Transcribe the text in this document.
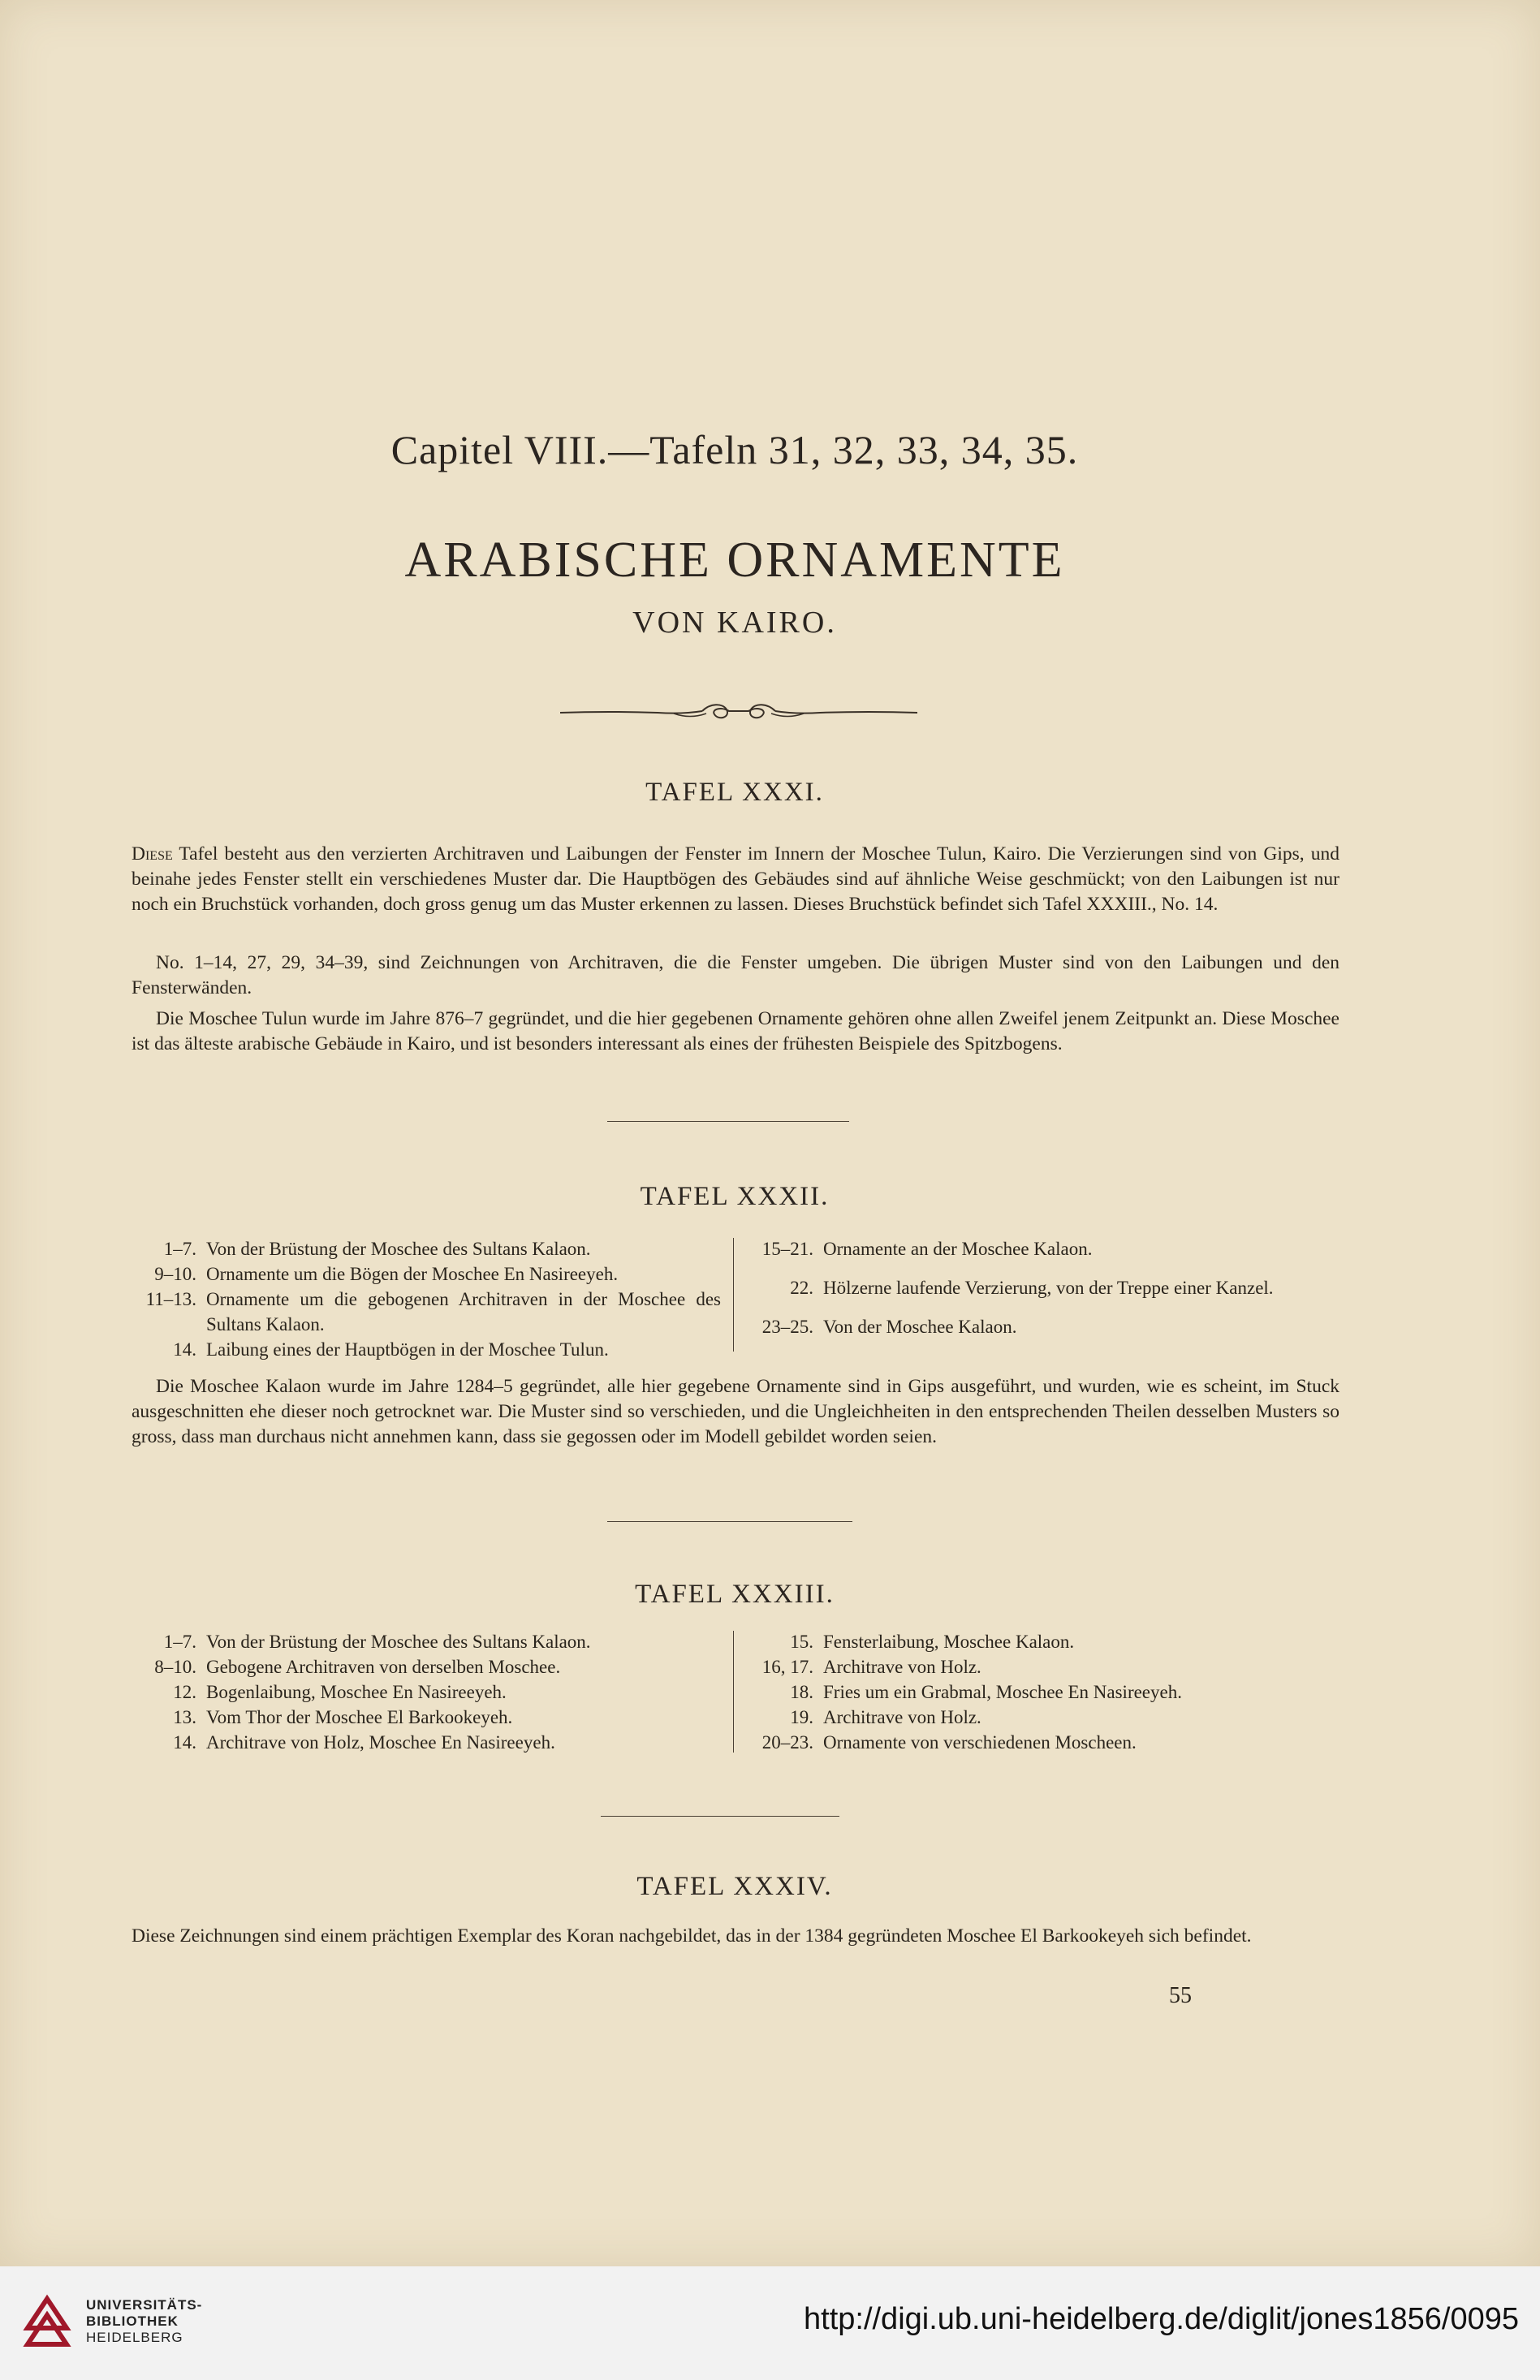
Capitel VIII.—Tafeln 31, 32, 33, 34, 35.
ARABISCHE ORNAMENTE
VON KAIRO.
TAFEL XXXI.

Diese Tafel besteht aus den verzierten Architraven und Laibungen der Fenster im Innern der Moschee Tulun, Kairo. Die Verzierungen sind von Gips, und beinahe jedes Fenster stellt ein verschiedenes Muster dar. Die Hauptbögen des Gebäudes sind auf ähnliche Weise geschmückt; von den Laibungen ist nur noch ein Bruchstück vorhanden, doch gross genug um das Muster erkennen zu lassen. Dieses Bruchstück befindet sich Tafel XXXIII., No. 14.

No. 1–14, 27, 29, 34–39, sind Zeichnungen von Architraven, die die Fenster umgeben. Die übrigen Muster sind von den Laibungen und den Fensterwänden.

Die Moschee Tulun wurde im Jahre 876–7 gegründet, und die hier gegebenen Ornamente gehören ohne allen Zweifel jenem Zeitpunkt an. Diese Moschee ist das älteste arabische Gebäude in Kairo, und ist besonders interessant als eines der frühesten Beispiele des Spitzbogens.

TAFEL XXXII.
1–7. Von der Brüstung der Moschee des Sultans Kalaon.
9–10. Ornamente um die Bögen der Moschee En Nasireeyeh.
11–13. Ornamente um die gebogenen Architraven in der Moschee des Sultans Kalaon.
14. Laibung eines der Hauptbögen in der Moschee Tulun.
15–21. Ornamente an der Moschee Kalaon.
22. Hölzerne laufende Verzierung, von der Treppe einer Kanzel.
23–25. Von der Moschee Kalaon.

Die Moschee Kalaon wurde im Jahre 1284–5 gegründet, alle hier gegebene Ornamente sind in Gips ausgeführt, und wurden, wie es scheint, im Stuck ausgeschnitten ehe dieser noch getrocknet war. Die Muster sind so verschieden, und die Ungleichheiten in den entsprechenden Theilen desselben Musters so gross, dass man durchaus nicht annehmen kann, dass sie gegossen oder im Modell gebildet worden seien.

TAFEL XXXIII.
1–7. Von der Brüstung der Moschee des Sultans Kalaon.
8–10. Gebogene Architraven von derselben Moschee.
12. Bogenlaibung, Moschee En Nasireeyeh.
13. Vom Thor der Moschee El Barkookeyeh.
14. Architrave von Holz, Moschee En Nasireeyeh.
15. Fensterlaibung, Moschee Kalaon.
16, 17. Architrave von Holz.
18. Fries um ein Grabmal, Moschee En Nasireeyeh.
19. Architrave von Holz.
20–23. Ornamente von verschiedenen Moscheen.
TAFEL XXXIV.

Diese Zeichnungen sind einem prächtigen Exemplar des Koran nachgebildet, das in der 1384 gegründeten Moschee El Barkookeyeh sich befindet.

55
UNIVERSITÄTS-
BIBLIOTHEK
HEIDELBERG
http://digi.ub.uni-heidelberg.de/diglit/jones1856/0095
